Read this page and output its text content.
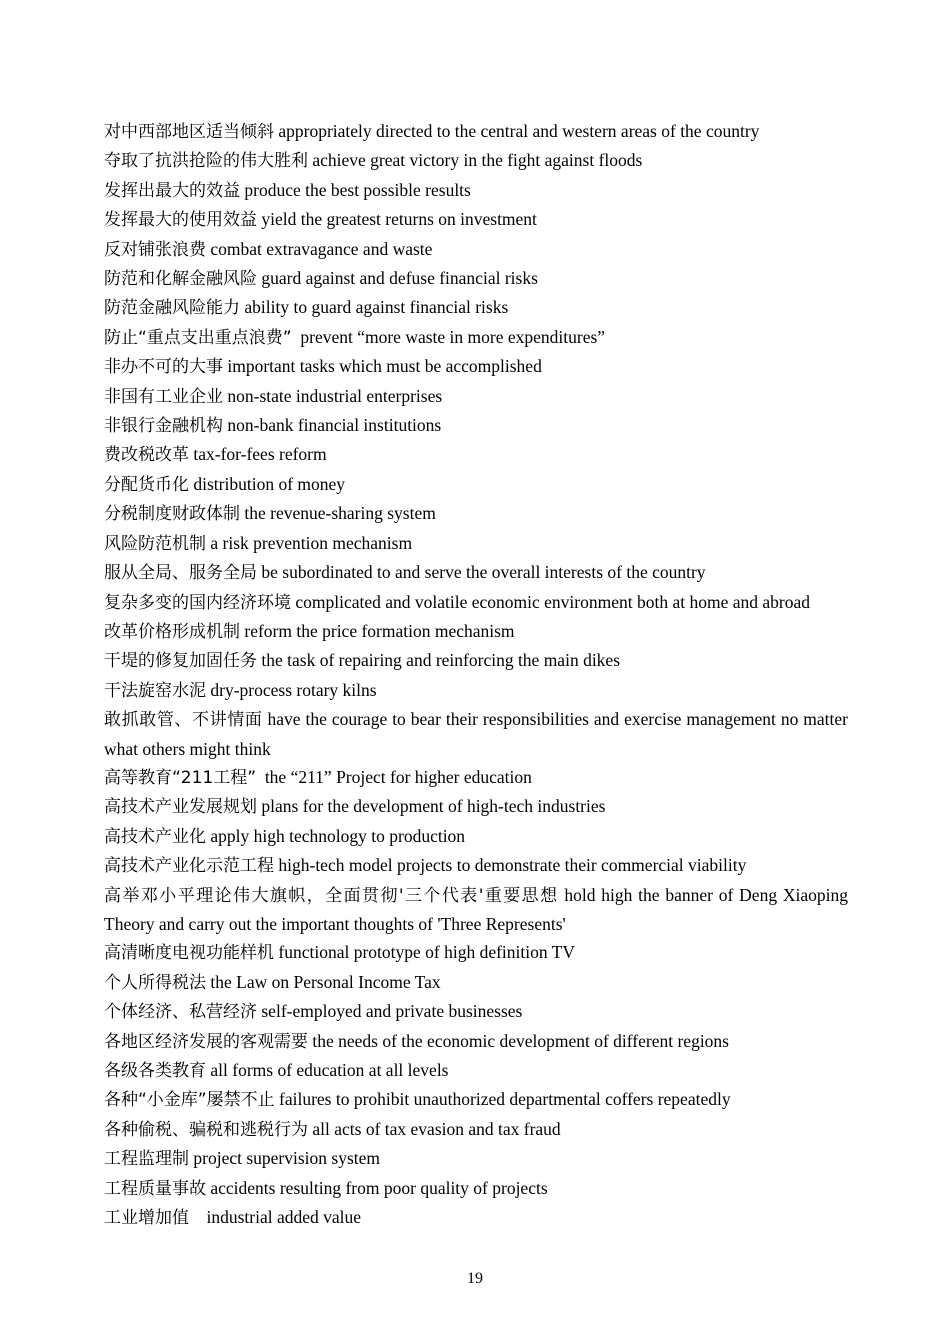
对中西部地区适当倾斜 appropriately directed to the central and western areas of the country

夺取了抗洪抢险的伟大胜利 achieve great victory in the fight against floods

发挥出最大的效益 produce the best possible results

发挥最大的使用效益 yield the greatest returns on investment

反对铺张浪费 combat extravagance and waste

防范和化解金融风险 guard against and defuse financial risks

防范金融风险能力 ability to guard against financial risks

防止“重点支出重点浪费”  prevent “more waste in more expenditures”

非办不可的大事 important tasks which must be accomplished

非国有工业企业 non-state industrial enterprises

非银行金融机构 non-bank financial institutions

费改税改革 tax-for-fees reform

分配货币化 distribution of money

分税制度财政体制 the revenue-sharing system

风险防范机制 a risk prevention mechanism

服从全局、服务全局 be subordinated to and serve the overall interests of the country

复杂多变的国内经济环境 complicated and volatile economic environment both at home and abroad

改革价格形成机制 reform the price formation mechanism

干堤的修复加固任务 the task of repairing and reinforcing the main dikes

干法旋窑水泥 dry-process rotary kilns

敢抓敢管、不讲情面 have the courage to bear their responsibilities and exercise management no matter what others might think

高等教育“211工程”  the “211” Project for higher education

高技术产业发展规划 plans for the development of high-tech industries

高技术产业化 apply high technology to production

高技术产业化示范工程 high-tech model projects to demonstrate their commercial viability

高举邓小平理论伟大旗帜，全面贯彻'三个代表'重要思想 hold high the banner of Deng Xiaoping Theory and carry out the important thoughts of 'Three Represents'

高清晰度电视功能样机 functional prototype of high definition TV

个人所得税法 the Law on Personal Income Tax

个体经济、私营经济 self-employed and private businesses

各地区经济发展的客观需要 the needs of the economic development of different regions

各级各类教育 all forms of education at all levels

各种“小金库”屡禁不止 failures to prohibit unauthorized departmental coffers repeatedly

各种偷税、骗税和逃税行为 all acts of tax evasion and tax fraud

工程监理制 project supervision system

工程质量事故 accidents resulting from poor quality of projects

工业增加值    industrial added value

19
